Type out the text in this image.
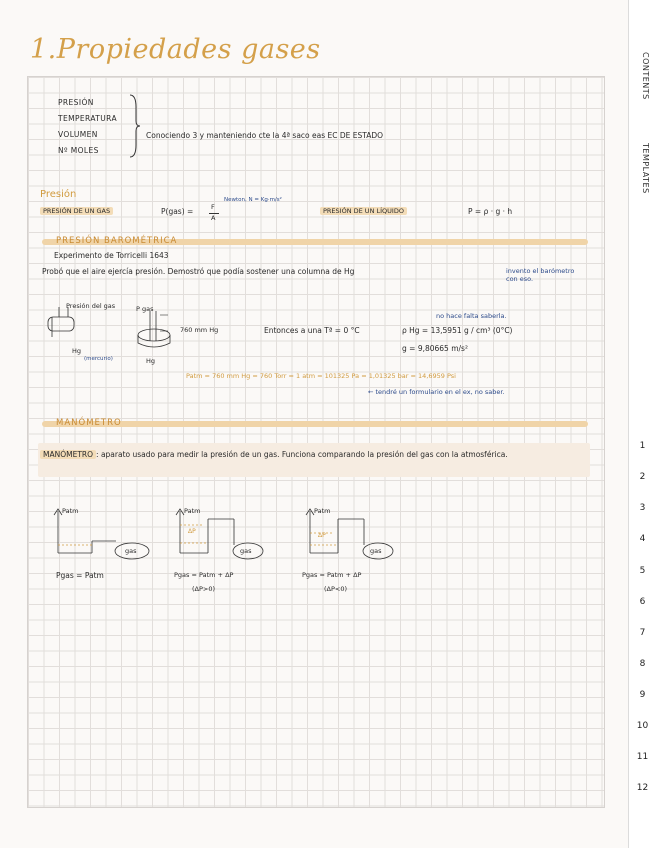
1.Propiedades gases
PRESIÓN
TEMPERATURA
VOLUMEN
Nº MOLES
Conociendo 3 y manteniendo cte la 4ª saco eas EC DE ESTADO
Presión
PRESIÓN DE UN GAS	P(gas) =	F
A
Newton, N = Kg·m/s²
PRESIÓN DE UN LÍQUIDO	P = ρ · g · h
PRESIÓN BAROMÉTRICA
Experimento de Torricelli 1643
Probó que el aire ejercía presión. Demostró que podía sostener una columna de Hg	invento el barómetro con eso.
Presión del gas
Hg
(mercurio)
P gas
760 mm Hg
Hg
Entonces a una Tª = 0 °C
no hace falta saberla.
ρ Hg = 13,5951 g / cm³ (0°C)
g = 9,80665 m/s²
Patm = 760 mm Hg = 760 Torr = 1 atm = 101325 Pa = 1,01325 bar = 14,6959 Psi
← tendré un formulario en el ex, no saber.
MANÓMETRO
MANÓMETRO : aparato usado para medir la presión de un gas. Funciona comparando la presión del gas con la atmosférica.
Patm
gas
Pgas = Patm
Patm
ΔP
gas
Pgas = Patm + ΔP
(ΔP>0)
Patm
ΔP
gas
Pgas = Patm + ΔP
(ΔP<0)
CONTENTS
TEMPLATES
1
2
3
4
5
6
7
8
9
10
11
12
